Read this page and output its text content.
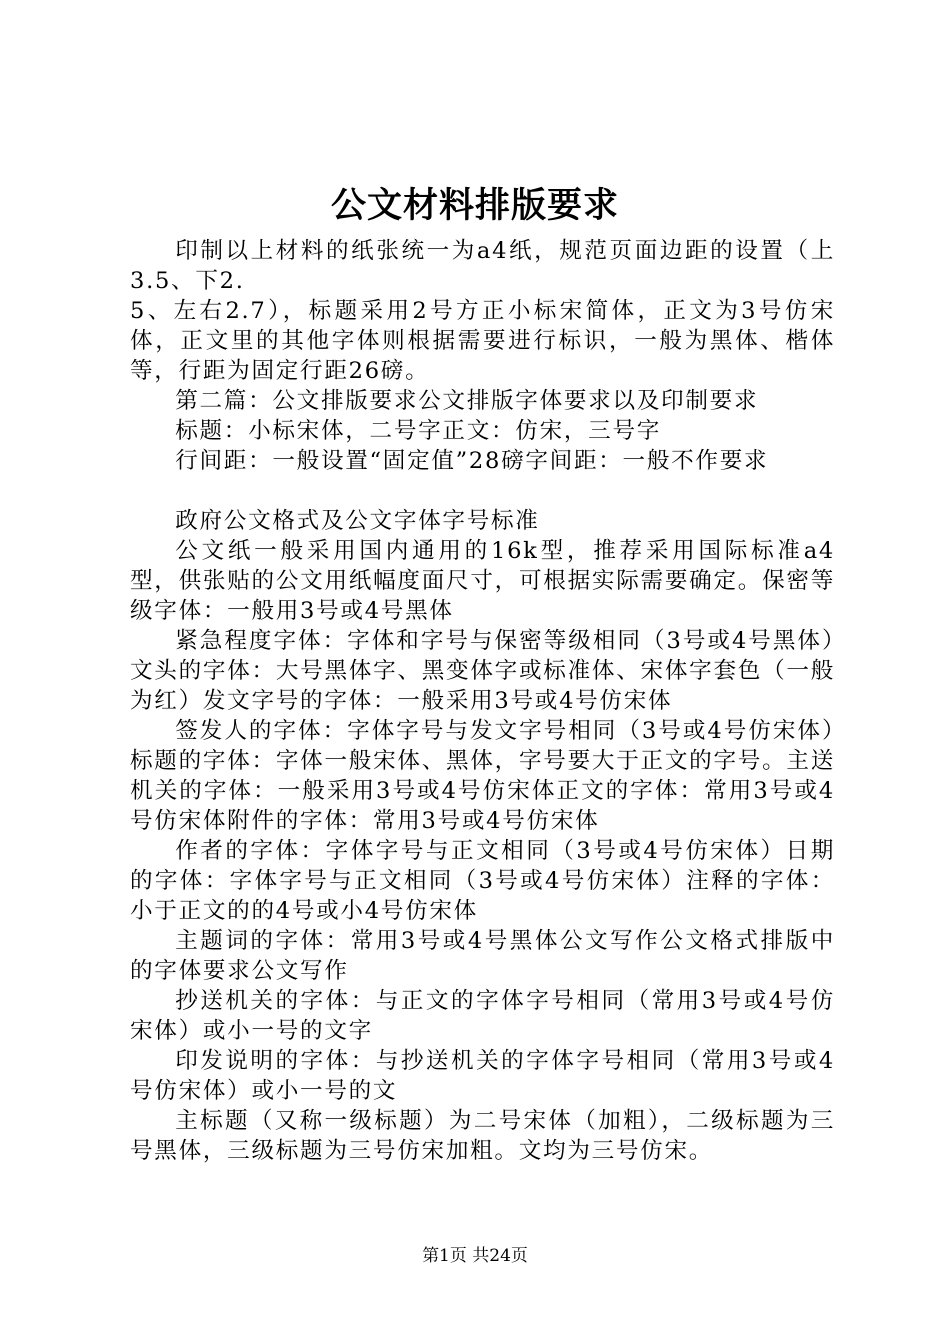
公文材料排版要求

印制以上材料的纸张统一为a4纸，规范页面边距的设置（上3.5、下2.

5、左右2.7），标题采用2号方正小标宋简体，正文为3号仿宋体，正文里的其他字体则根据需要进行标识，一般为黑体、楷体等，行距为固定行距26磅。

第二篇：公文排版要求公文排版字体要求以及印制要求

标题：小标宋体，二号字正文：仿宋，三号字

行间距：一般设置“固定值”28磅字间距：一般不作要求

政府公文格式及公文字体字号标准

公文纸一般采用国内通用的16k型，推荐采用国际标准a4型，供张贴的公文用纸幅度面尺寸，可根据实际需要确定。保密等级字体：一般用3号或4号黑体

紧急程度字体：字体和字号与保密等级相同（3号或4号黑体）文头的字体：大号黑体字、黑变体字或标准体、宋体字套色（一般为红）发文字号的字体：一般采用3号或4号仿宋体

签发人的字体：字体字号与发文字号相同（3号或4号仿宋体）标题的字体：字体一般宋体、黑体，字号要大于正文的字号。主送机关的字体：一般采用3号或4号仿宋体正文的字体：常用3号或4号仿宋体附件的字体：常用3号或4号仿宋体

作者的字体：字体字号与正文相同（3号或4号仿宋体）日期的字体：字体字号与正文相同（3号或4号仿宋体）注释的字体：小于正文的的4号或小4号仿宋体

主题词的字体：常用3号或4号黑体公文写作公文格式排版中的字体要求公文写作

抄送机关的字体：与正文的字体字号相同（常用3号或4号仿宋体）或小一号的文字

印发说明的字体：与抄送机关的字体字号相同（常用3号或4号仿宋体）或小一号的文

主标题（又称一级标题）为二号宋体（加粗），二级标题为三号黑体，三级标题为三号仿宋加粗。文均为三号仿宋。

第1页 共24页
